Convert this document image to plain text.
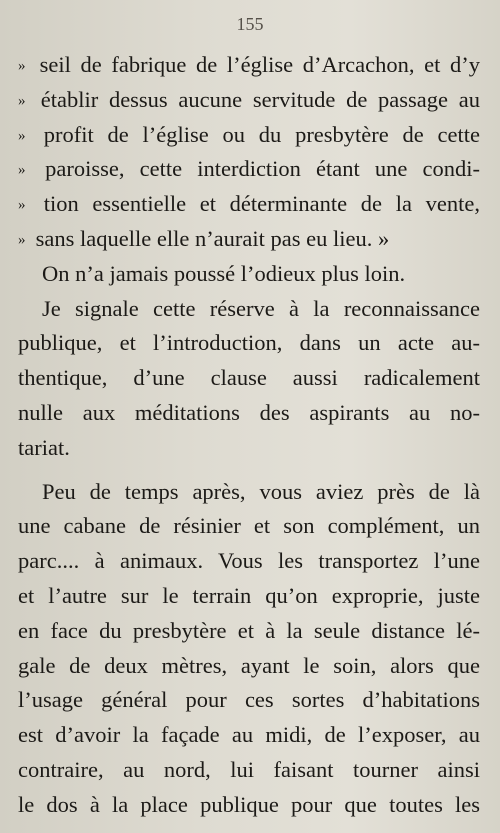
155
» seil de fabrique de l’église d’Arcachon, et d’y
» établir dessus aucune servitude de passage au
» profit de l’église ou du presbytère de cette
» paroisse, cette interdiction étant une condi-
» tion essentielle et déterminante de la vente,
» sans laquelle elle n’aurait pas eu lieu. »
On n’a jamais poussé l’odieux plus loin.
Je signale cette réserve à la reconnaissance
publique, et l’introduction, dans un acte au-
thentique, d’une clause aussi radicalement
nulle aux méditations des aspirants au no-
tariat.
Peu de temps après, vous aviez près de là
une cabane de résinier et son complément, un
parc.... à animaux. Vous les transportez l’une
et l’autre sur le terrain qu’on exproprie, juste
en face du presbytère et à la seule distance lé-
gale de deux mètres, ayant le soin, alors que
l’usage général pour ces sortes d’habitations
est d’avoir la façade au midi, de l’exposer, au
contraire, au nord, lui faisant tourner ainsi
le dos à la place publique pour que toutes les
